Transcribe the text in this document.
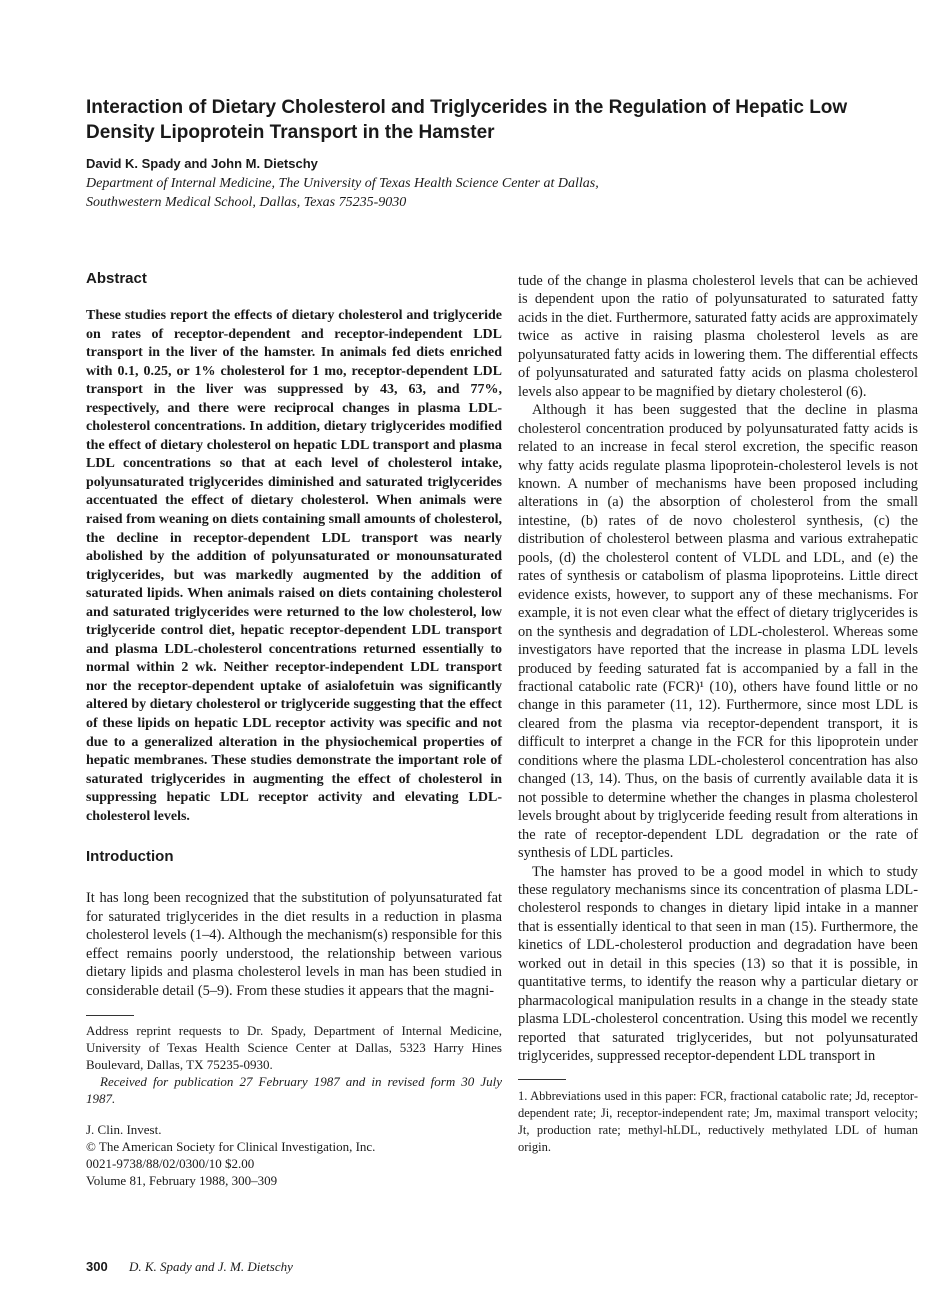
Interaction of Dietary Cholesterol and Triglycerides in the Regulation of Hepatic Low Density Lipoprotein Transport in the Hamster

David K. Spady and John M. Dietschy

Department of Internal Medicine, The University of Texas Health Science Center at Dallas,
Southwestern Medical School, Dallas, Texas 75235-9030
Abstract

These studies report the effects of dietary cholesterol and triglyceride on rates of receptor-dependent and receptor-independent LDL transport in the liver of the hamster. In animals fed diets enriched with 0.1, 0.25, or 1% cholesterol for 1 mo, receptor-dependent LDL transport in the liver was suppressed by 43, 63, and 77%, respectively, and there were reciprocal changes in plasma LDL-cholesterol concentrations. In addition, dietary triglycerides modified the effect of dietary cholesterol on hepatic LDL transport and plasma LDL concentrations so that at each level of cholesterol intake, polyunsaturated triglycerides diminished and saturated triglycerides accentuated the effect of dietary cholesterol. When animals were raised from weaning on diets containing small amounts of cholesterol, the decline in receptor-dependent LDL transport was nearly abolished by the addition of polyunsaturated or monounsaturated triglycerides, but was markedly augmented by the addition of saturated lipids. When animals raised on diets containing cholesterol and saturated triglycerides were returned to the low cholesterol, low triglyceride control diet, hepatic receptor-dependent LDL transport and plasma LDL-cholesterol concentrations returned essentially to normal within 2 wk. Neither receptor-independent LDL transport nor the receptor-dependent uptake of asialofetuin was significantly altered by dietary cholesterol or triglyceride suggesting that the effect of these lipids on hepatic LDL receptor activity was specific and not due to a generalized alteration in the physiochemical properties of hepatic membranes. These studies demonstrate the important role of saturated triglycerides in augmenting the effect of cholesterol in suppressing hepatic LDL receptor activity and elevating LDL-cholesterol levels.

Introduction

It has long been recognized that the substitution of polyunsaturated fat for saturated triglycerides in the diet results in a reduction in plasma cholesterol levels (1–4). Although the mechanism(s) responsible for this effect remains poorly understood, the relationship between various dietary lipids and plasma cholesterol levels in man has been studied in considerable detail (5–9). From these studies it appears that the magni-

Address reprint requests to Dr. Spady, Department of Internal Medicine, University of Texas Health Science Center at Dallas, 5323 Harry Hines Boulevard, Dallas, TX 75235-0930.

Received for publication 27 February 1987 and in revised form 30 July 1987.

J. Clin. Invest.
© The American Society for Clinical Investigation, Inc.
0021-9738/88/02/0300/10 $2.00
Volume 81, February 1988, 300–309

tude of the change in plasma cholesterol levels that can be achieved is dependent upon the ratio of polyunsaturated to saturated fatty acids in the diet. Furthermore, saturated fatty acids are approximately twice as active in raising plasma cholesterol levels as are polyunsaturated fatty acids in lowering them. The differential effects of polyunsaturated and saturated fatty acids on plasma cholesterol levels also appear to be magnified by dietary cholesterol (6).

Although it has been suggested that the decline in plasma cholesterol concentration produced by polyunsaturated fatty acids is related to an increase in fecal sterol excretion, the specific reason why fatty acids regulate plasma lipoprotein-cholesterol levels is not known. A number of mechanisms have been proposed including alterations in (a) the absorption of cholesterol from the small intestine, (b) rates of de novo cholesterol synthesis, (c) the distribution of cholesterol between plasma and various extrahepatic pools, (d) the cholesterol content of VLDL and LDL, and (e) the rates of synthesis or catabolism of plasma lipoproteins. Little direct evidence exists, however, to support any of these mechanisms. For example, it is not even clear what the effect of dietary triglycerides is on the synthesis and degradation of LDL-cholesterol. Whereas some investigators have reported that the increase in plasma LDL levels produced by feeding saturated fat is accompanied by a fall in the fractional catabolic rate (FCR)¹ (10), others have found little or no change in this parameter (11, 12). Furthermore, since most LDL is cleared from the plasma via receptor-dependent transport, it is difficult to interpret a change in the FCR for this lipoprotein under conditions where the plasma LDL-cholesterol concentration has also changed (13, 14). Thus, on the basis of currently available data it is not possible to determine whether the changes in plasma cholesterol levels brought about by triglyceride feeding result from alterations in the rate of receptor-dependent LDL degradation or the rate of synthesis of LDL particles.

The hamster has proved to be a good model in which to study these regulatory mechanisms since its concentration of plasma LDL-cholesterol responds to changes in dietary lipid intake in a manner that is essentially identical to that seen in man (15). Furthermore, the kinetics of LDL-cholesterol production and degradation have been worked out in detail in this species (13) so that it is possible, in quantitative terms, to identify the reason why a particular dietary or pharmacological manipulation results in a change in the steady state plasma LDL-cholesterol concentration. Using this model we recently reported that saturated triglycerides, but not polyunsaturated triglycerides, suppressed receptor-dependent LDL transport in

1. Abbreviations used in this paper: FCR, fractional catabolic rate; Jd, receptor-dependent rate; Ji, receptor-independent rate; Jm, maximal transport velocity; Jt, production rate; methyl-hLDL, reductively methylated LDL of human origin.

300 D. K. Spady and J. M. Dietschy
